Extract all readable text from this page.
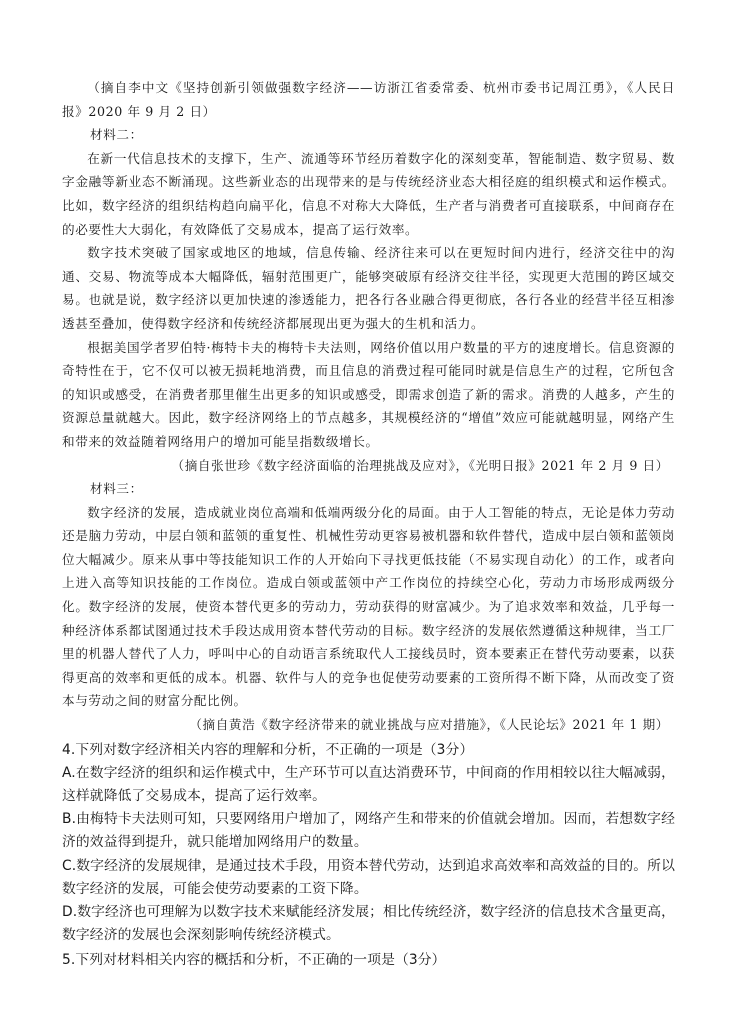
（摘自李中文《坚持创新引领做强数字经济——访浙江省委常委、杭州市委书记周江勇》，《人民日报》2020 年 9 月 2 日）

材料二：

在新一代信息技术的支撑下，生产、流通等环节经历着数字化的深刻变革，智能制造、数字贸易、数字金融等新业态不断涌现。这些新业态的出现带来的是与传统经济业态大相径庭的组织模式和运作模式。比如，数字经济的组织结构趋向扁平化，信息不对称大大降低，生产者与消费者可直接联系，中间商存在的必要性大大弱化，有效降低了交易成本，提高了运行效率。

数字技术突破了国家或地区的地域，信息传输、经济往来可以在更短时间内进行，经济交往中的沟通、交易、物流等成本大幅降低，辐射范围更广，能够突破原有经济交往半径，实现更大范围的跨区域交易。也就是说，数字经济以更加快速的渗透能力，把各行各业融合得更彻底，各行各业的经营半径互相渗透甚至叠加，使得数字经济和传统经济都展现出更为强大的生机和活力。

根据美国学者罗伯特·梅特卡夫的梅特卡夫法则，网络价值以用户数量的平方的速度增长。信息资源的奇特性在于，它不仅可以被无损耗地消费，而且信息的消费过程可能同时就是信息生产的过程，它所包含的知识或感受，在消费者那里催生出更多的知识或感受，即需求创造了新的需求。消费的人越多，产生的资源总量就越大。因此，数字经济网络上的节点越多，其规模经济的“增值”效应可能就越明显，网络产生和带来的效益随着网络用户的增加可能呈指数级增长。

（摘自张世珍《数字经济面临的治理挑战及应对》，《光明日报》2021 年 2 月 9 日）

材料三：

数字经济的发展，造成就业岗位高端和低端两级分化的局面。由于人工智能的特点，无论是体力劳动还是脑力劳动，中层白领和蓝领的重复性、机械性劳动更容易被机器和软件替代，造成中层白领和蓝领岗位大幅减少。原来从事中等技能知识工作的人开始向下寻找更低技能（不易实现自动化）的工作，或者向上进入高等知识技能的工作岗位。造成白领或蓝领中产工作岗位的持续空心化，劳动力市场形成两级分化。数字经济的发展，使资本替代更多的劳动力，劳动获得的财富减少。为了追求效率和效益，几乎每一种经济体系都试图通过技术手段达成用资本替代劳动的目标。数字经济的发展依然遵循这种规律，当工厂里的机器人替代了人力，呼叫中心的自动语言系统取代人工接线员时，资本要素正在替代劳动要素，以获得更高的效率和更低的成本。机器、软件与人的竞争也促使劳动要素的工资所得不断下降，从而改变了资本与劳动之间的财富分配比例。

（摘自黄浩《数字经济带来的就业挑战与应对措施》，《人民论坛》2021 年 1 期）

4.下列对数字经济相关内容的理解和分析，不正确的一项是（3分）

A.在数字经济的组织和运作模式中，生产环节可以直达消费环节，中间商的作用相较以往大幅减弱，这样就降低了交易成本，提高了运行效率。

B.由梅特卡夫法则可知，只要网络用户增加了，网络产生和带来的价值就会增加。因而，若想数字经济的效益得到提升，就只能增加网络用户的数量。

C.数字经济的发展规律，是通过技术手段，用资本替代劳动，达到追求高效率和高效益的目的。所以数字经济的发展，可能会使劳动要素的工资下降。

D.数字经济也可理解为以数字技术来赋能经济发展；相比传统经济，数字经济的信息技术含量更高，数字经济的发展也会深刻影响传统经济模式。

5.下列对材料相关内容的概括和分析，不正确的一项是（3分）
